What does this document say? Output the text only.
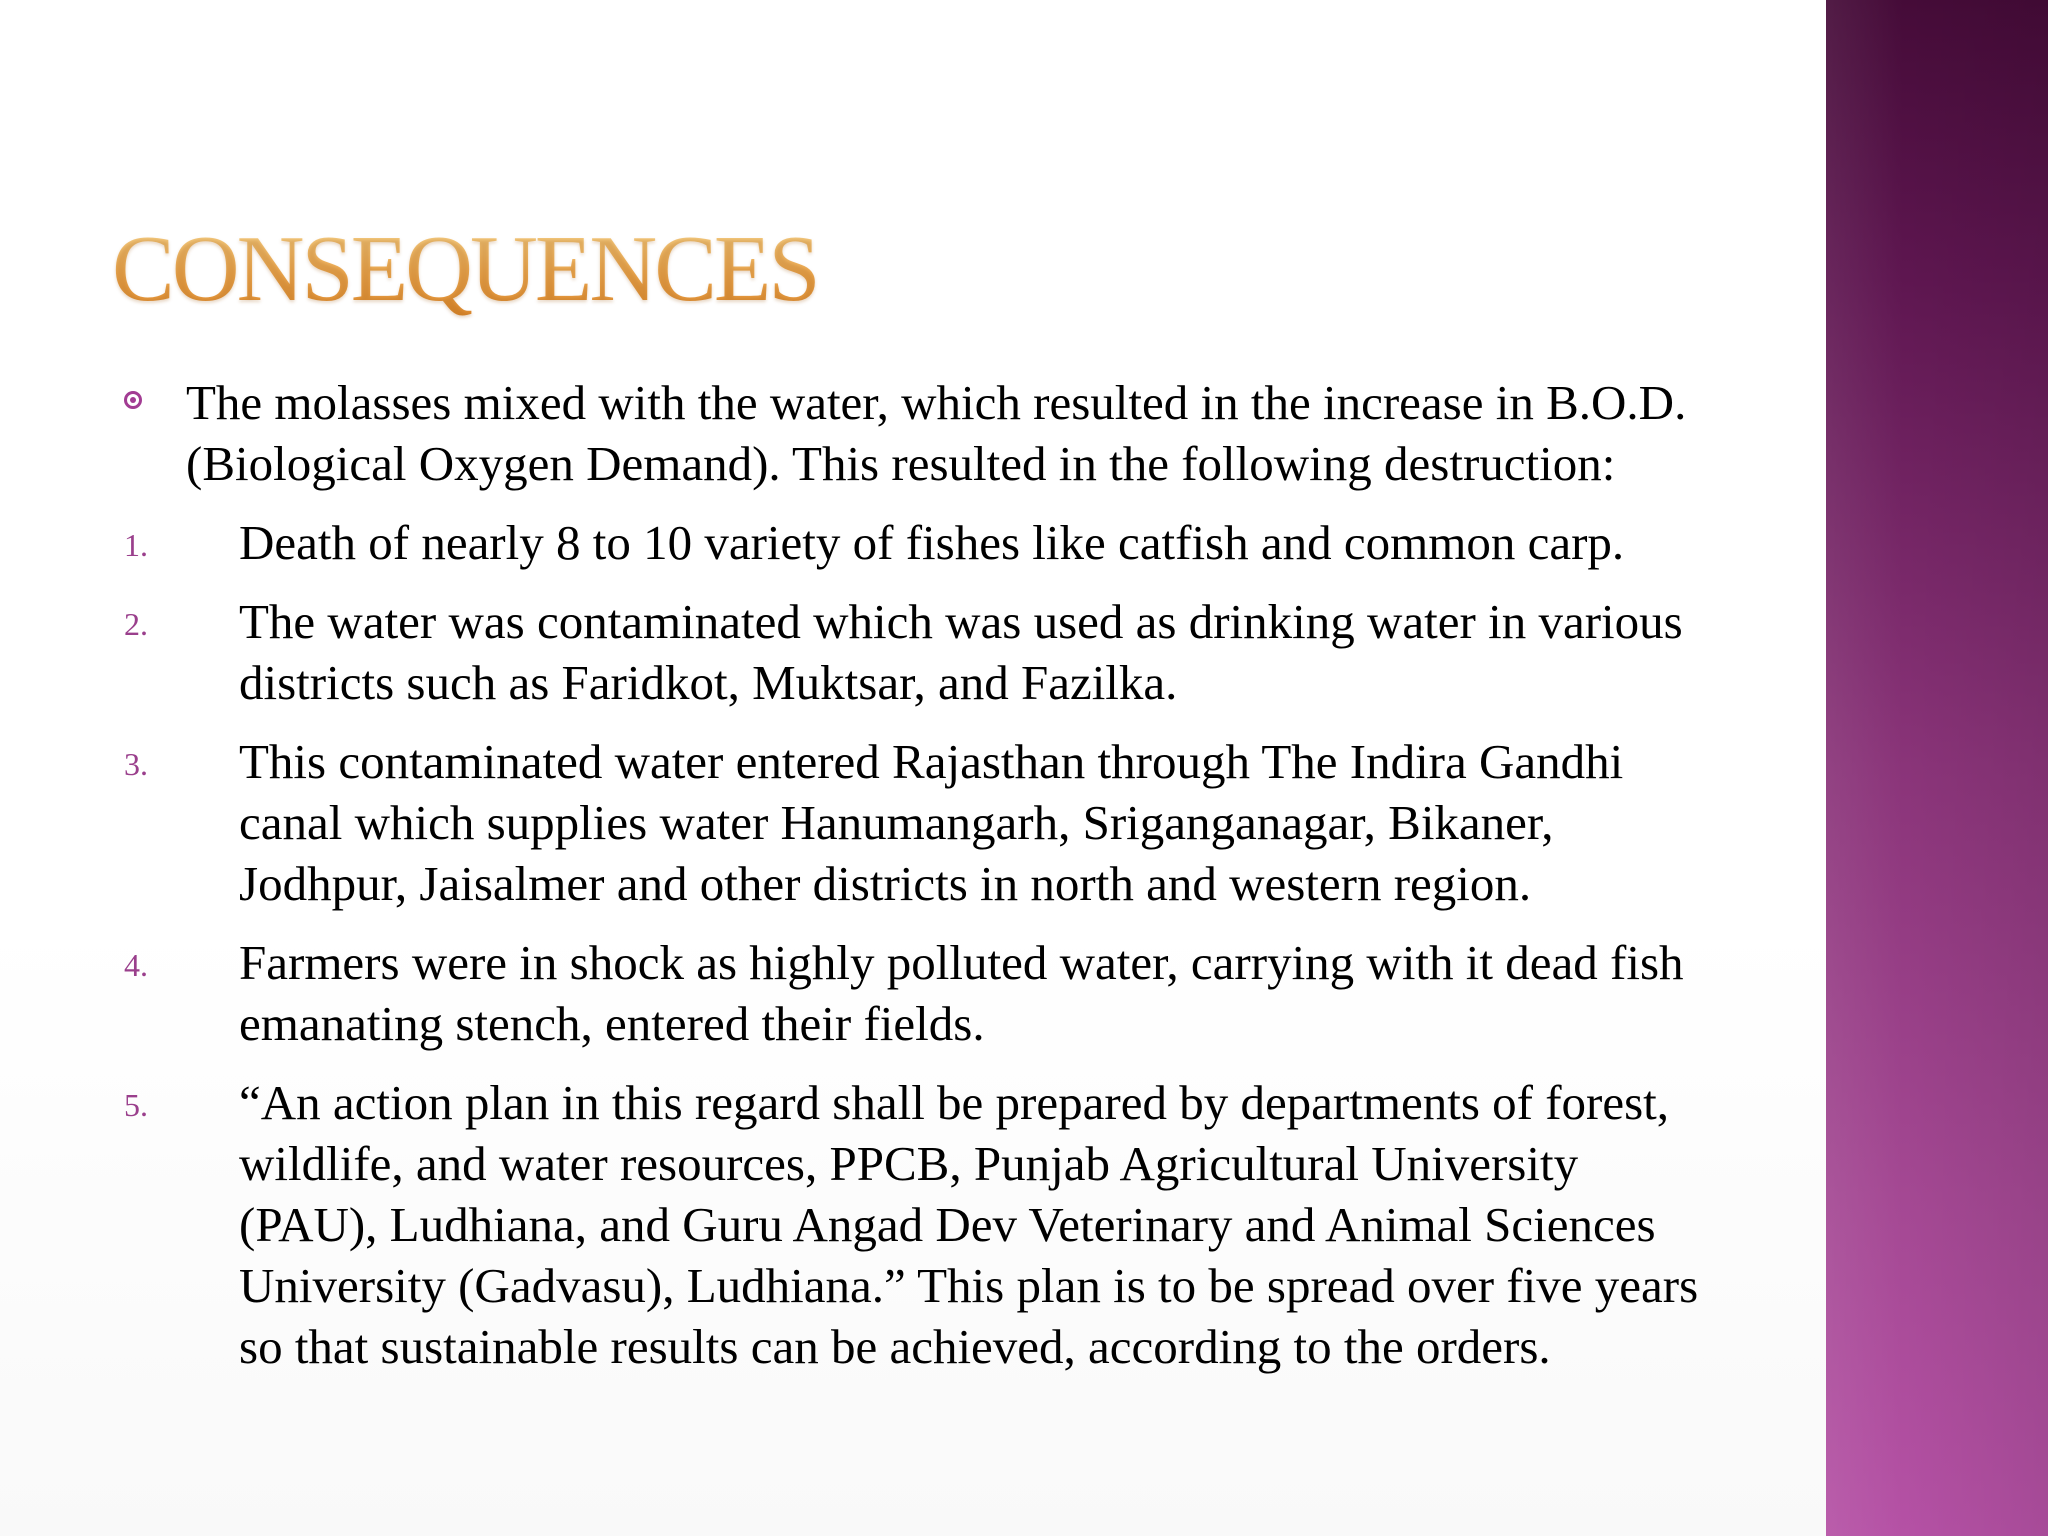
CONSEQUENCES
The molasses mixed with the water, which resulted in the increase in B.O.D. (Biological Oxygen Demand). This resulted in the following destruction:
1. Death of nearly 8 to 10 variety of fishes like catfish and common carp.
2. The water was contaminated which was used as drinking water in various districts such as Faridkot, Muktsar, and Fazilka.
3. This contaminated water entered Rajasthan through The Indira Gandhi canal which supplies water Hanumangarh, Sriganganagar, Bikaner, Jodhpur, Jaisalmer and other districts in north and western region.
4. Farmers were in shock as highly polluted water, carrying with it dead fish emanating stench, entered their fields.
5. “An action plan in this regard shall be prepared by departments of forest, wildlife, and water resources, PPCB, Punjab Agricultural University (PAU), Ludhiana, and Guru Angad Dev Veterinary and Animal Sciences University (Gadvasu), Ludhiana.” This plan is to be spread over five years so that sustainable results can be achieved, according to the orders.
